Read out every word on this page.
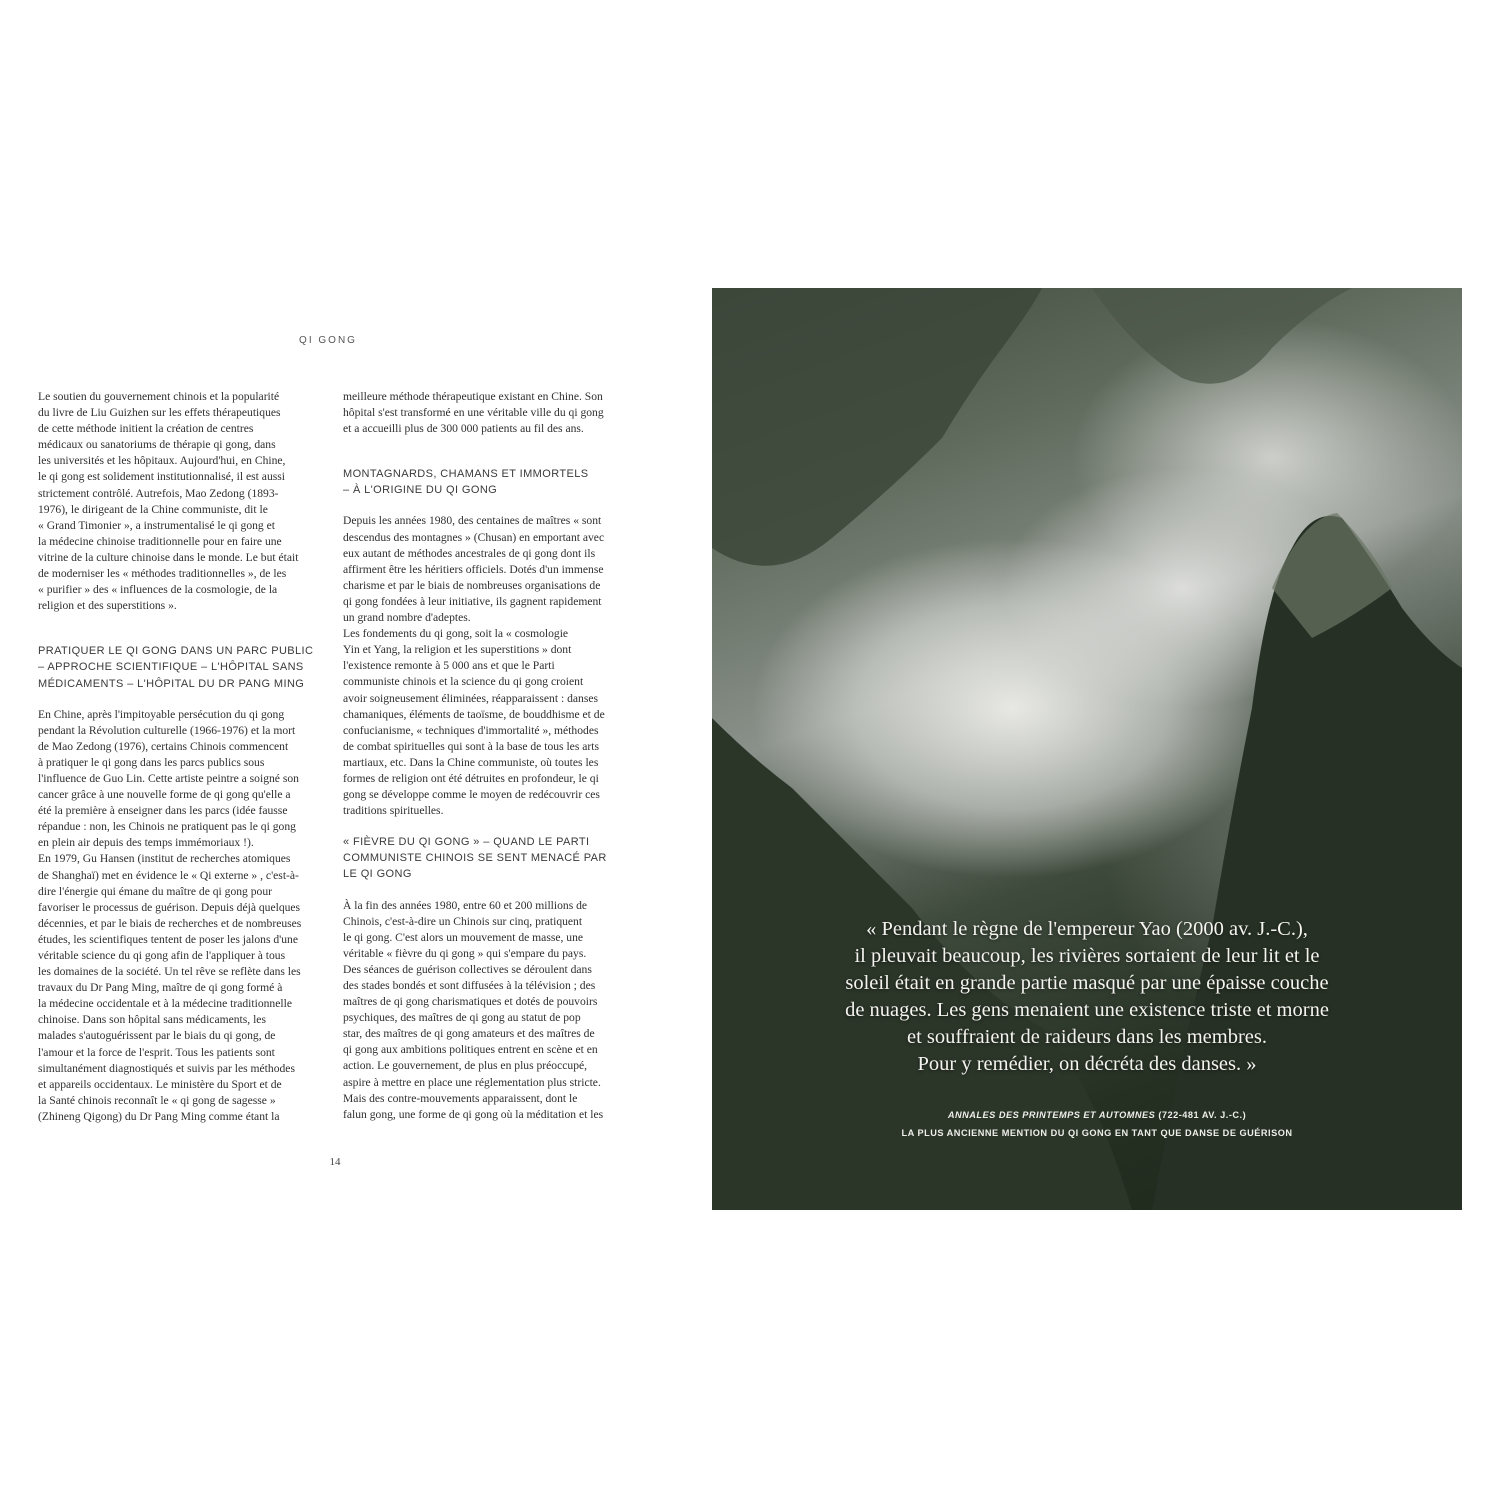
QI GONG
Le soutien du gouvernement chinois et la popularité
du livre de Liu Guizhen sur les effets thérapeutiques
de cette méthode initient la création de centres
médicaux ou sanatoriums de thérapie qi gong, dans
les universités et les hôpitaux. Aujourd'hui, en Chine,
le qi gong est solidement institutionnalisé, il est aussi
strictement contrôlé. Autrefois, Mao Zedong (1893-
1976), le dirigeant de la Chine communiste, dit le
« Grand Timonier », a instrumentalisé le qi gong et
la médecine chinoise traditionnelle pour en faire une
vitrine de la culture chinoise dans le monde. Le but était
de moderniser les « méthodes traditionnelles », de les
« purifier » des « influences de la cosmologie, de la
religion et des superstitions ».
PRATIQUER LE QI GONG DANS UN PARC PUBLIC
– APPROCHE SCIENTIFIQUE – L'HÔPITAL SANS
MÉDICAMENTS – L'HÔPITAL DU DR PANG MING
En Chine, après l'impitoyable persécution du qi gong
pendant la Révolution culturelle (1966-1976) et la mort
de Mao Zedong (1976), certains Chinois commencent
à pratiquer le qi gong dans les parcs publics sous
l'influence de Guo Lin. Cette artiste peintre a soigné son
cancer grâce à une nouvelle forme de qi gong qu'elle a
été la première à enseigner dans les parcs (idée fausse
répandue : non, les Chinois ne pratiquent pas le qi gong
en plein air depuis des temps immémoriaux !).
En 1979, Gu Hansen (institut de recherches atomiques
de Shanghaï) met en évidence le « Qi externe » , c'est-à-
dire l'énergie qui émane du maître de qi gong pour
favoriser le processus de guérison. Depuis déjà quelques
décennies, et par le biais de recherches et de nombreuses
études, les scientifiques tentent de poser les jalons d'une
véritable science du qi gong afin de l'appliquer à tous
les domaines de la société. Un tel rêve se reflète dans les
travaux du Dr Pang Ming, maître de qi gong formé à
la médecine occidentale et à la médecine traditionnelle
chinoise. Dans son hôpital sans médicaments, les
malades s'autoguérissent par le biais du qi gong, de
l'amour et la force de l'esprit. Tous les patients sont
simultanément diagnostiqués et suivis par les méthodes
et appareils occidentaux. Le ministère du Sport et de
la Santé chinois reconnaît le « qi gong de sagesse »
(Zhineng Qigong) du Dr Pang Ming comme étant la
meilleure méthode thérapeutique existant en Chine. Son
hôpital s'est transformé en une véritable ville du qi gong
et a accueilli plus de 300 000 patients au fil des ans.
MONTAGNARDS, CHAMANS ET IMMORTELS
– À L'ORIGINE DU QI GONG
Depuis les années 1980, des centaines de maîtres « sont
descendus des montagnes » (Chusan) en emportant avec
eux autant de méthodes ancestrales de qi gong dont ils
affirment être les héritiers officiels. Dotés d'un immense
charisme et par le biais de nombreuses organisations de
qi gong fondées à leur initiative, ils gagnent rapidement
un grand nombre d'adeptes.
Les fondements du qi gong, soit la « cosmologie
Yin et Yang, la religion et les superstitions » dont
l'existence remonte à 5 000 ans et que le Parti
communiste chinois et la science du qi gong croient
avoir soigneusement éliminées, réapparaissent : danses
chamaniques, éléments de taoïsme, de bouddhisme et de
confucianisme, « techniques d'immortalité », méthodes
de combat spirituelles qui sont à la base de tous les arts
martiaux, etc. Dans la Chine communiste, où toutes les
formes de religion ont été détruites en profondeur, le qi
gong se développe comme le moyen de redécouvrir ces
traditions spirituelles.
« FIÈVRE DU QI GONG » – QUAND LE PARTI
COMMUNISTE CHINOIS SE SENT MENACÉ PAR
LE QI GONG
À la fin des années 1980, entre 60 et 200 millions de
Chinois, c'est-à-dire un Chinois sur cinq, pratiquent
le qi gong. C'est alors un mouvement de masse, une
véritable « fièvre du qi gong » qui s'empare du pays.
Des séances de guérison collectives se déroulent dans
des stades bondés et sont diffusées à la télévision ; des
maîtres de qi gong charismatiques et dotés de pouvoirs
psychiques, des maîtres de qi gong au statut de pop
star, des maîtres de qi gong amateurs et des maîtres de
qi gong aux ambitions politiques entrent en scène et en
action. Le gouvernement, de plus en plus préoccupé,
aspire à mettre en place une réglementation plus stricte.
Mais des contre-mouvements apparaissent, dont le
falun gong, une forme de qi gong où la méditation et les
14
« Pendant le règne de l'empereur Yao (2000 av. J.-C.),
il pleuvait beaucoup, les rivières sortaient de leur lit et le
soleil était en grande partie masqué par une épaisse couche
de nuages. Les gens menaient une existence triste et morne
et souffraient de raideurs dans les membres.
Pour y remédier, on décréta des danses. »
ANNALES DES PRINTEMPS ET AUTOMNES (722-481 AV. J.-C.)
LA PLUS ANCIENNE MENTION DU QI GONG EN TANT QUE DANSE DE GUÉRISON
